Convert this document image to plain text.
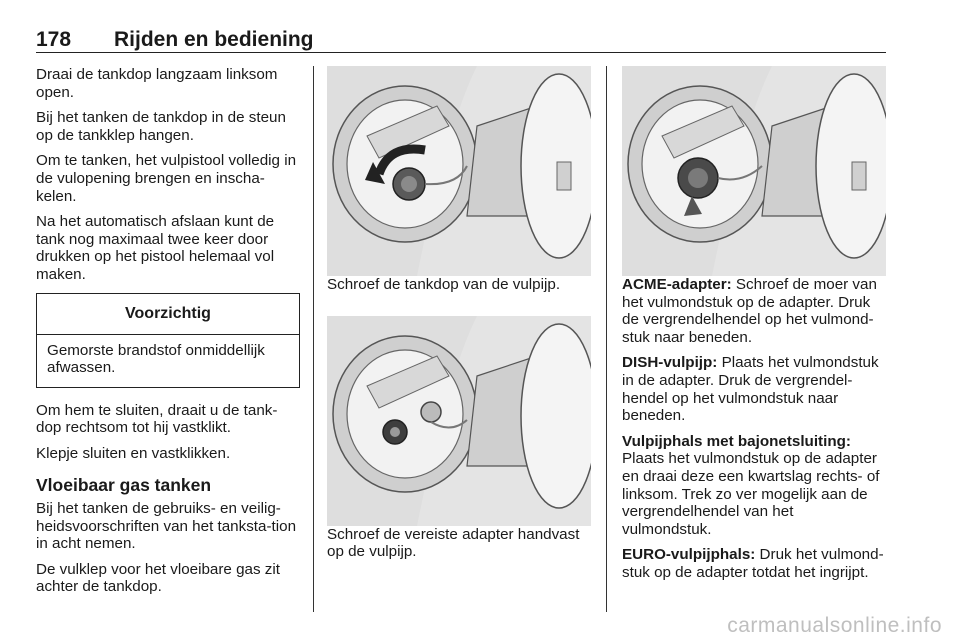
178 Rijden en bediening

Draai de tankdop langzaam linksom open.

Bij het tanken de tankdop in de steun op de tankklep hangen.

Om te tanken, het vulpistool volledig in de vulopening brengen en inscha-kelen.

Na het automatisch afslaan kunt de tank nog maximaal twee keer door drukken op het pistool helemaal vol maken.

Voorzichtig
Gemorste brandstof onmiddellijk afwassen.

Om hem te sluiten, draait u de tank-dop rechtsom tot hij vastklikt.

Klepje sluiten en vastklikken.

Vloeibaar gas tanken

Bij het tanken de gebruiks- en veilig-heidsvoorschriften van het tanksta-tion in acht nemen.

De vulklep voor het vloeibare gas zit achter de tankdop.

Schroef de tankdop van de vulpijp.

Schroef de vereiste adapter handvast op de vulpijp.

ACME-adapter: Schroef de moer van het vulmondstuk op de adapter. Druk de vergrendelhendel op het vulmond-stuk naar beneden.

DISH-vulpijp: Plaats het vulmondstuk in de adapter. Druk de vergrendel-hendel op het vulmondstuk naar beneden.

Vulpijphals met bajonetsluiting:
Plaats het vulmondstuk op de adapter en draai deze een kwartslag rechts- of linksom. Trek zo ver mogelijk aan de vergrendelhendel van het vulmondstuk.

EURO-vulpijphals: Druk het vulmond-stuk op de adapter totdat het ingrijpt.

carmanualsonline.info
